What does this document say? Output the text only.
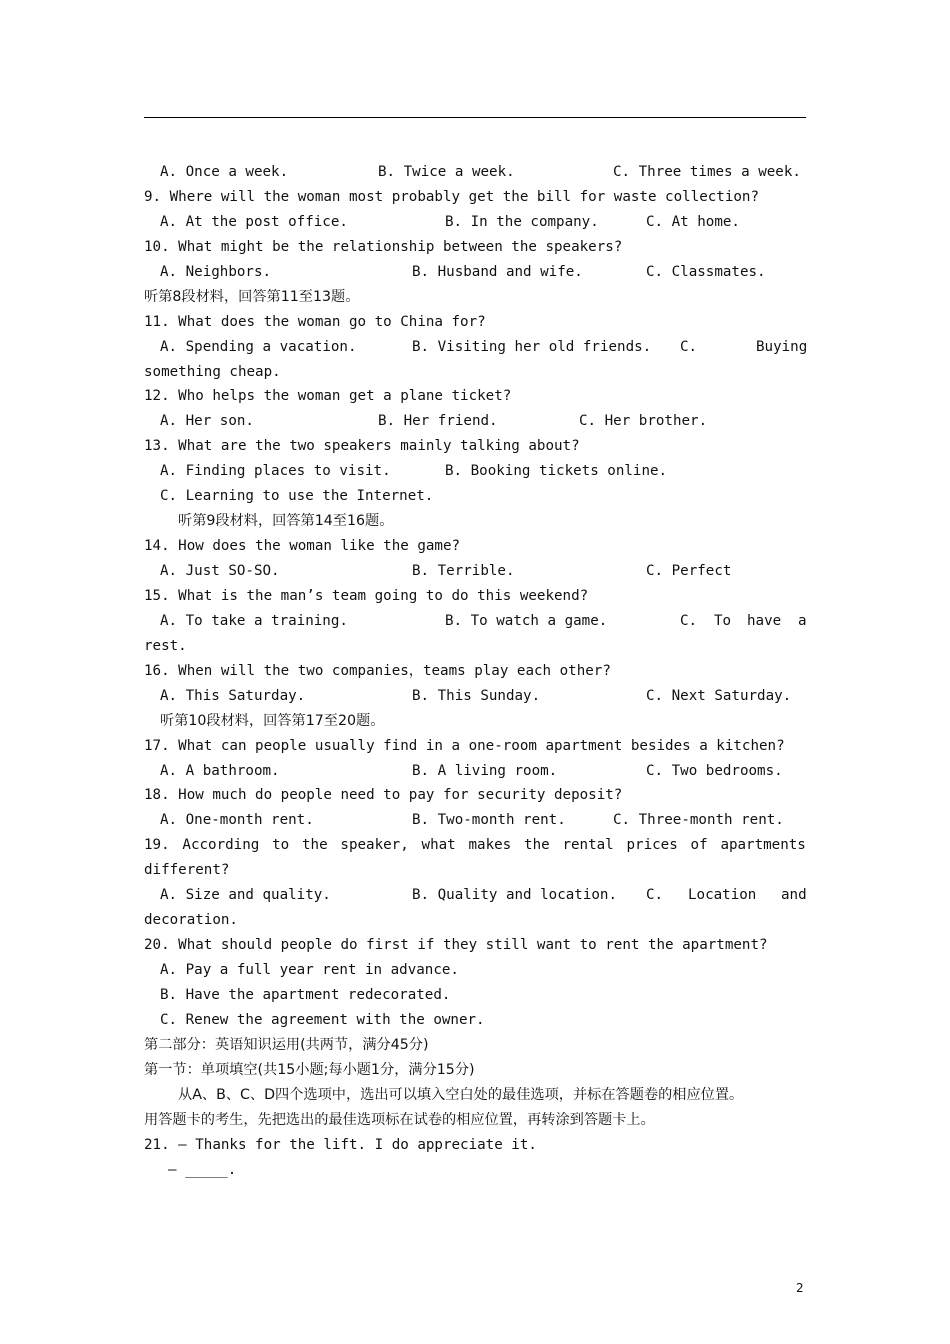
A. Once a week.	B. Twice a week.	C. Three times a week.
9. Where will the woman most probably get the bill for waste collection?
A. At the post office.	B. In the company.	C. At home.
10. What might be the relationship between the speakers?
A. Neighbors.	B. Husband and wife.	C. Classmates.
听第8段材料，回答第11至13题。
11. What does the woman go to China for?
A. Spending a vacation.	B. Visiting her old friends. C.	Buying
something cheap.
12. Who helps the woman get a plane ticket?
A. Her son.	B. Her friend.	C. Her brother.
13. What are the two speakers mainly talking about?
A. Finding places to visit.	B. Booking tickets online.
C. Learning to use the Internet.
听第9段材料，回答第14至16题。
14. How does the woman like the game?
A. Just SO-SO.	B. Terrible.	C. Perfect
15. What is the man’s team going to do this weekend?
A. To take a training.	B. To watch a game.	C. To have a
rest.
16. When will the two companies，teams play each other?
A. This Saturday.	B. This Sunday.	C. Next Saturday.
听第10段材料，回答第17至20题。
17. What can people usually find in a one-room apartment besides a kitchen?
A. A bathroom.	B. A living room.	C. Two bedrooms.
18. How much do people need to pay for security deposit?
A. One-month rent.	B. Two-month rent.	C. Three-month rent.
19. According to the speaker, what makes the rental prices of apartments
different?
A. Size and quality.	B. Quality and location. C. Location and
decoration.
20. What should people do first if they still want to rent the apartment?
A. Pay a full year rent in advance.
B. Have the apartment redecorated.
C. Renew the agreement with the owner.
第二部分：英语知识运用(共两节，满分45分)
第一节：单项填空(共15小题;每小题1分，满分15分)
从A、B、C、D四个选项中，选出可以填入空白处的最佳选项，并标在答题卷的相应位置。
用答题卡的考生，先把选出的最佳选项标在试卷的相应位置，再转涂到答题卡上。
21. — Thanks for the lift. I do appreciate it.
— _____.
2
